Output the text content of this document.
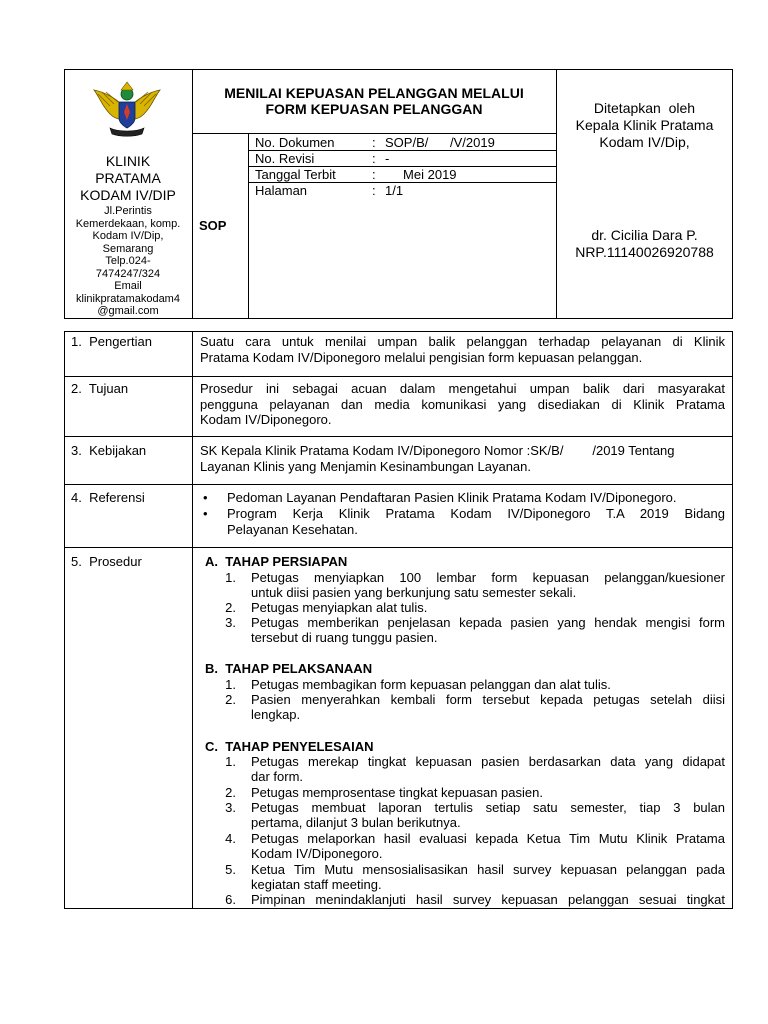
KLINIK
PRATAMA
KODAM IV/DIP
Jl.Perintis
Kemerdekaan, komp.
Kodam IV/Dip,
Semarang
Telp.024-
7474247/324
Email
klinikpratamakodam4
@gmail.com
MENILAI KEPUASAN PELANGGAN MELALUI
FORM KEPUASAN PELANGGAN
SOP
No. Dokumen	: SOP/B/      /V/2019
No. Revisi	: -
Tanggal Terbit	: Mei 2019
Halaman	: 1/1
Ditetapkan  oleh
Kepala Klinik Pratama
Kodam IV/Dip,
dr. Cicilia Dara P.
NRP.11140026920788
1.  Pengertian	Suatu cara untuk menilai umpan balik pelanggan terhadap pelayanan di Klinik
Pratama Kodam IV/Diponegoro melalui pengisian form kepuasan pelanggan.
2.  Tujuan	Prosedur ini sebagai acuan dalam mengetahui umpan balik dari masyarakat
pengguna pelayanan dan media komunikasi yang disediakan di Klinik Pratama
Kodam IV/Diponegoro.
3.  Kebijakan	SK Kepala Klinik Pratama Kodam IV/Diponegoro Nomor :SK/B/        /2019 Tentang
Layanan Klinis yang Menjamin Kesinambungan Layanan.
4.  Referensi	• Pedoman Layanan Pendaftaran Pasien Klinik Pratama Kodam IV/Diponegoro.
• Program Kerja Klinik Pratama Kodam IV/Diponegoro T.A 2019 Bidang
Pelayanan Kesehatan.
5.  Prosedur	A.  TAHAP PERSIAPAN
1. Petugas menyiapkan 100 lembar form kepuasan pelanggan/kuesioner
untuk diisi pasien yang berkunjung satu semester sekali.
2. Petugas menyiapkan alat tulis.
3. Petugas memberikan penjelasan kepada pasien yang hendak mengisi form
tersebut di ruang tunggu pasien.
B.  TAHAP PELAKSANAAN
1. Petugas membagikan form kepuasan pelanggan dan alat tulis.
2. Pasien menyerahkan kembali form tersebut kepada petugas setelah diisi
lengkap.
C.  TAHAP PENYELESAIAN
1. Petugas merekap tingkat kepuasan pasien berdasarkan data yang didapat
dar form.
2. Petugas memprosentase tingkat kepuasan pasien.
3. Petugas membuat laporan tertulis setiap satu semester, tiap 3 bulan
pertama, dilanjut 3 bulan berikutnya.
4. Petugas melaporkan hasil evaluasi kepada Ketua Tim Mutu Klinik Pratama
Kodam IV/Diponegoro.
5. Ketua Tim Mutu mensosialisasikan hasil survey kepuasan pelanggan pada
kegiatan staff meeting.
6. Pimpinan menindaklanjuti hasil survey kepuasan pelanggan sesuai tingkat
